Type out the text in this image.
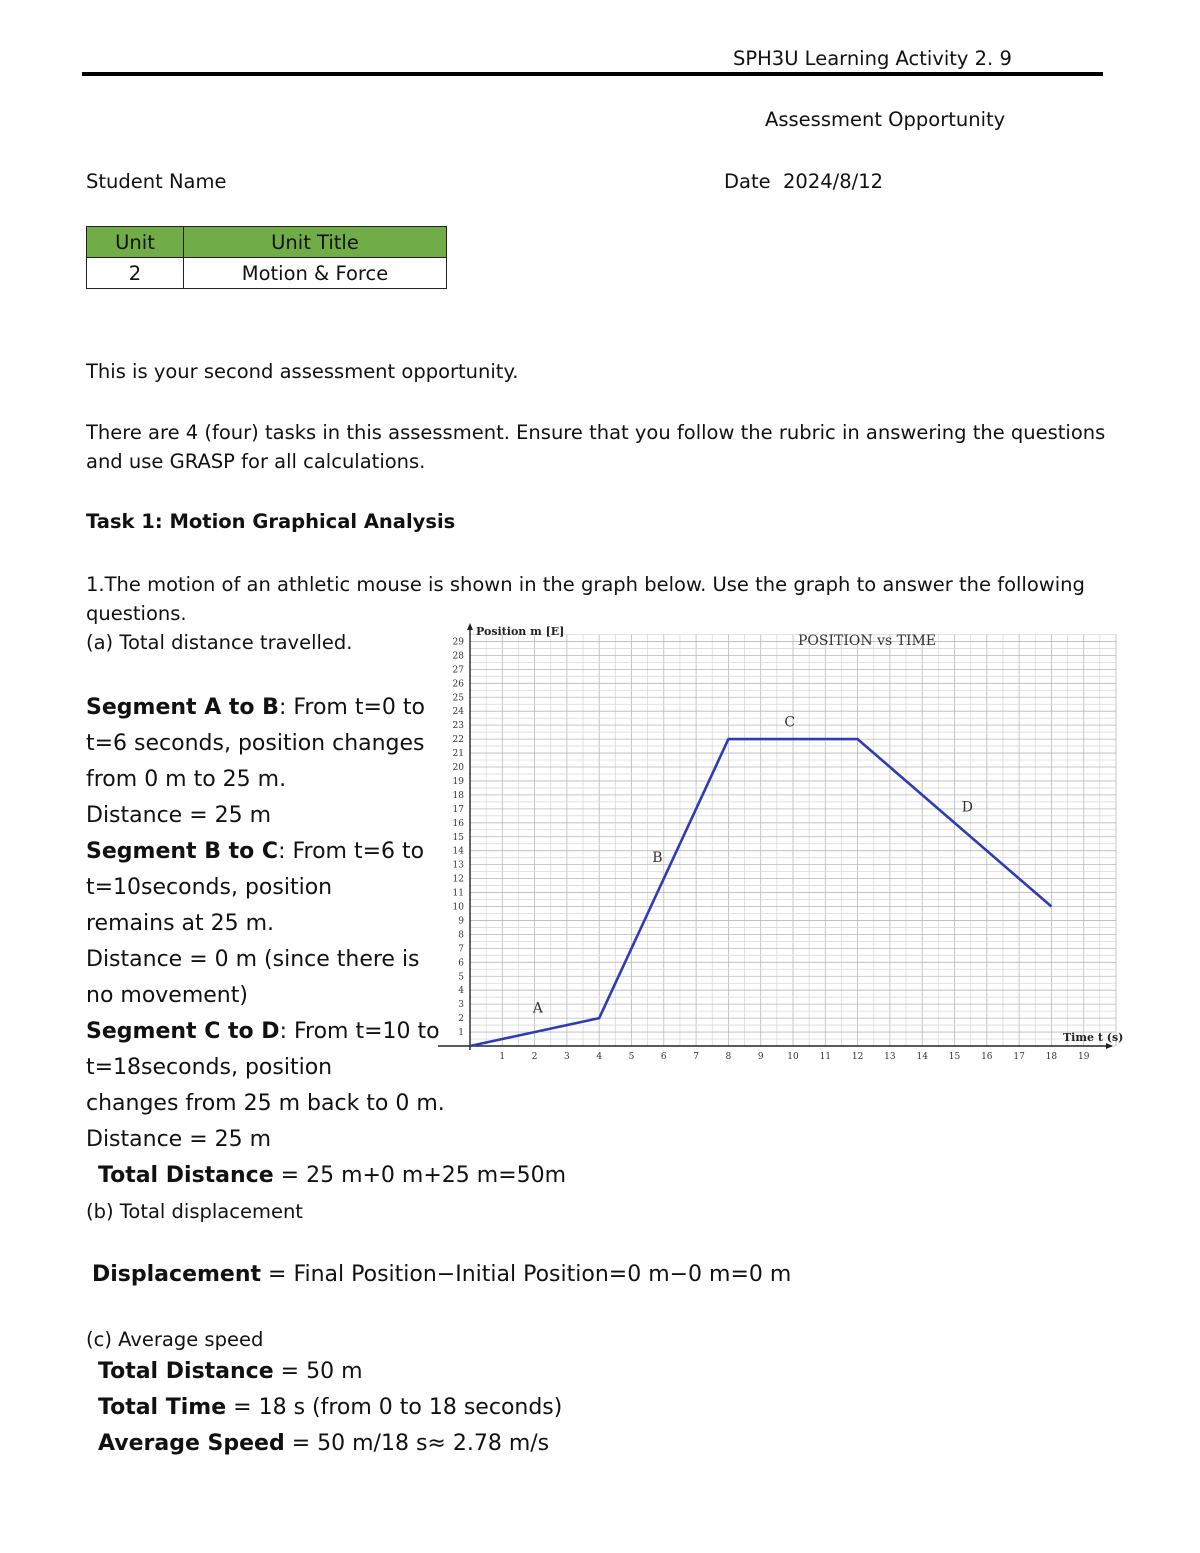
SPH3U Learning Activity 2. 9
Assessment Opportunity
Student Name	Date 2024/8/12
Unit	Unit Title
2	Motion & Force
This is your second assessment opportunity.
There are 4 (four) tasks in this assessment. Ensure that you follow the rubric in answering the questions
and use GRASP for all calculations.
Task 1: Motion Graphical Analysis
1.The motion of an athletic mouse is shown in the graph below. Use the graph to answer the following
questions.
(a) Total distance travelled.
Segment A to B: From t=0 to
t=6 seconds, position changes
from 0 m to 25 m.
Distance = 25 m
Segment B to C: From t=6 to
t=10seconds, position
remains at 25 m.
Distance = 0 m (since there is
no movement)
Segment C to D: From t=10 to
t=18seconds, position
changes from 25 m back to 0 m.
Distance = 25 m
Total Distance = 25 m+0 m+25 m=50m
(b) Total displacement
Displacement = Final Position−Initial Position=0 m−0 m=0 m
(c) Average speed
Total Distance = 50 m
Total Time = 18 s (from 0 to 18 seconds)
Average Speed = 50 m/18 s≈ 2.78 m/s
1
2
3
4
5
6
7
8
9
10
11
12
13
14
15
16
17
18
19
20
21
22
23
24
25
26
27
28
29
1	2	3	4	5	6	7	8	9	10 11 12 13 14 15 16 17 18 19
A
B
C
D
POSITION vs TIME
Position m [E]
Time t (s)
